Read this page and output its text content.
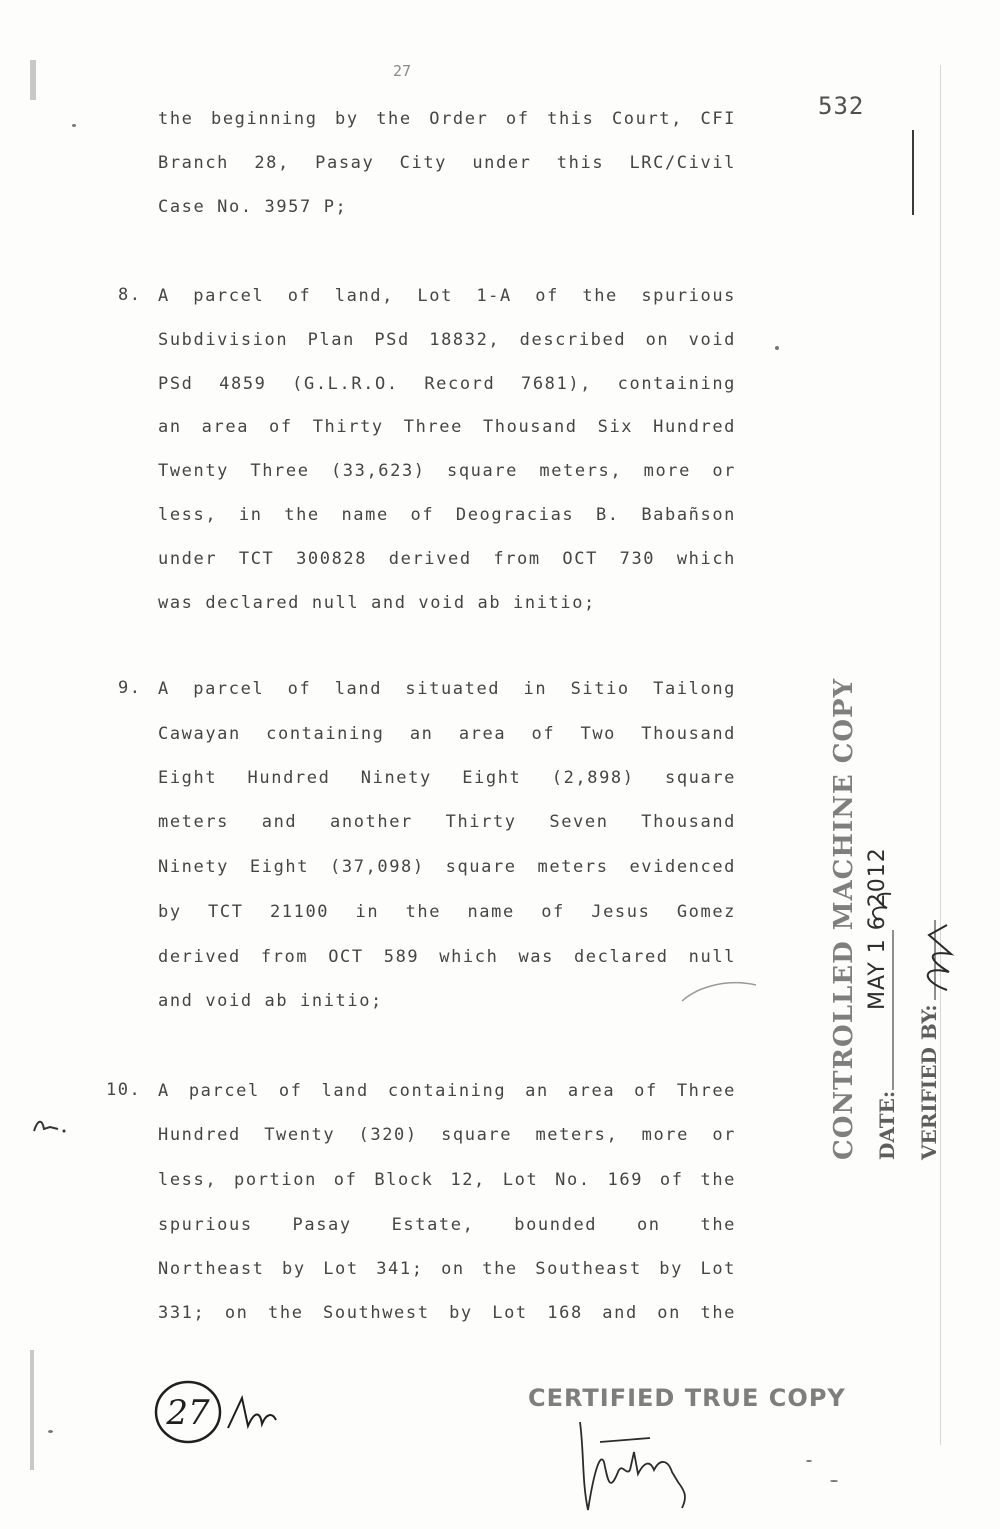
27
532
the beginning by the Order of this Court, CFI
Branch 28, Pasay City under this LRC/Civil
Case No. 3957 P;
8. A parcel of land, Lot 1-A of the spurious
Subdivision Plan PSd 18832, described on void
PSd 4859 (G.L.R.O. Record 7681), containing
an area of Thirty Three Thousand Six Hundred
Twenty Three (33,623) square meters, more or
less, in the name of Deogracias B. Babañson
under TCT 300828 derived from OCT 730 which
was declared null and void ab initio;
9. A parcel of land situated in Sitio Tailong
Cawayan containing an area of Two Thousand
Eight Hundred Ninety Eight (2,898) square
meters and another Thirty Seven Thousand
Ninety Eight (37,098) square meters evidenced
by TCT 21100 in the name of Jesus Gomez
derived from OCT 589 which was declared null
and void ab initio;
10. A parcel of land containing an area of Three
Hundred Twenty (320) square meters, more or
less, portion of Block 12, Lot No. 169 of the
spurious Pasay Estate, bounded on the
Northeast by Lot 341; on the Southeast by Lot
331; on the Southwest by Lot 168 and on the
CONTROLLED MACHINE COPY DATE:
MAY 1 6 2012
VERIFIED BY:
27	CERTIFIED TRUE COPY
